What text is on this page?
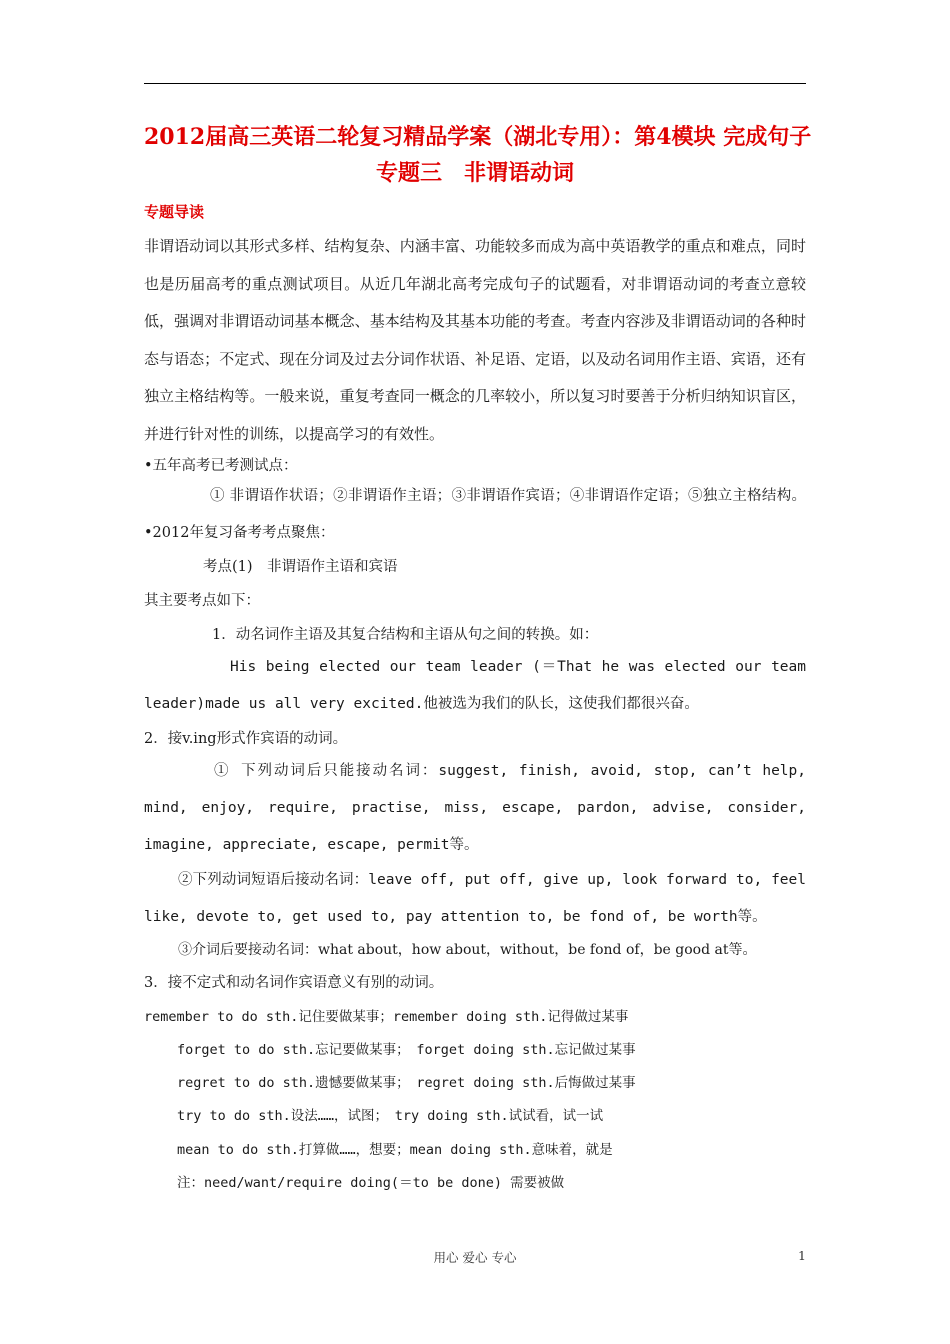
2012届高三英语二轮复习精品学案（湖北专用）：第4模块 完成句子
专题三　非谓语动词
专题导读
非谓语动词以其形式多样、结构复杂、内涵丰富、功能较多而成为高中英语教学的重点和难点，同时也是历届高考的重点测试项目。从近几年湖北高考完成句子的试题看，对非谓语动词的考查立意较低，强调对非谓语动词基本概念、基本结构及其基本功能的考查。考查内容涉及非谓语动词的各种时态与语态；不定式、现在分词及过去分词作状语、补足语、定语，以及动名词用作主语、宾语，还有独立主格结构等。一般来说，重复考查同一概念的几率较小，所以复习时要善于分析归纳知识盲区，并进行针对性的训练，以提高学习的有效性。
•五年高考已考测试点：
① 非谓语作状语；②非谓语作主语；③非谓语作宾语；④非谓语作定语；⑤独立主格结构。•2012年复习备考考点聚焦：
考点(1)　非谓语作主语和宾语
其主要考点如下：
1．动名词作主语及其复合结构和主语从句之间的转换。如：
His being elected our team leader (＝That he was elected our team leader)made us all very excited.他被选为我们的队长，这使我们都很兴奋。
2．接v.ing形式作宾语的动词。
① 下列动词后只能接动名词：suggest, finish, avoid, stop, can’t help, mind, enjoy, require, practise, miss, escape, pardon, advise, consider, imagine, appreciate, escape, permit等。
②下列动词短语后接动名词：leave off, put off, give up, look forward to, feel like, devote to, get used to, pay attention to, be fond of, be worth等。
③介词后要接动名词：what about，how about，without，be fond of，be good at等。
3．接不定式和动名词作宾语意义有别的动词。
remember to do sth.记住要做某事；remember doing sth.记得做过某事
forget to do sth.忘记要做某事；　forget doing sth.忘记做过某事
regret to do sth.遗憾要做某事；　regret doing sth.后悔做过某事
try to do sth.设法……，试图；　try doing sth.试试看，试一试
mean to do sth.打算做……，想要；mean doing sth.意味着，就是
注：need/want/require doing(＝to be done) 需要被做
用心 爱心 专心	1
